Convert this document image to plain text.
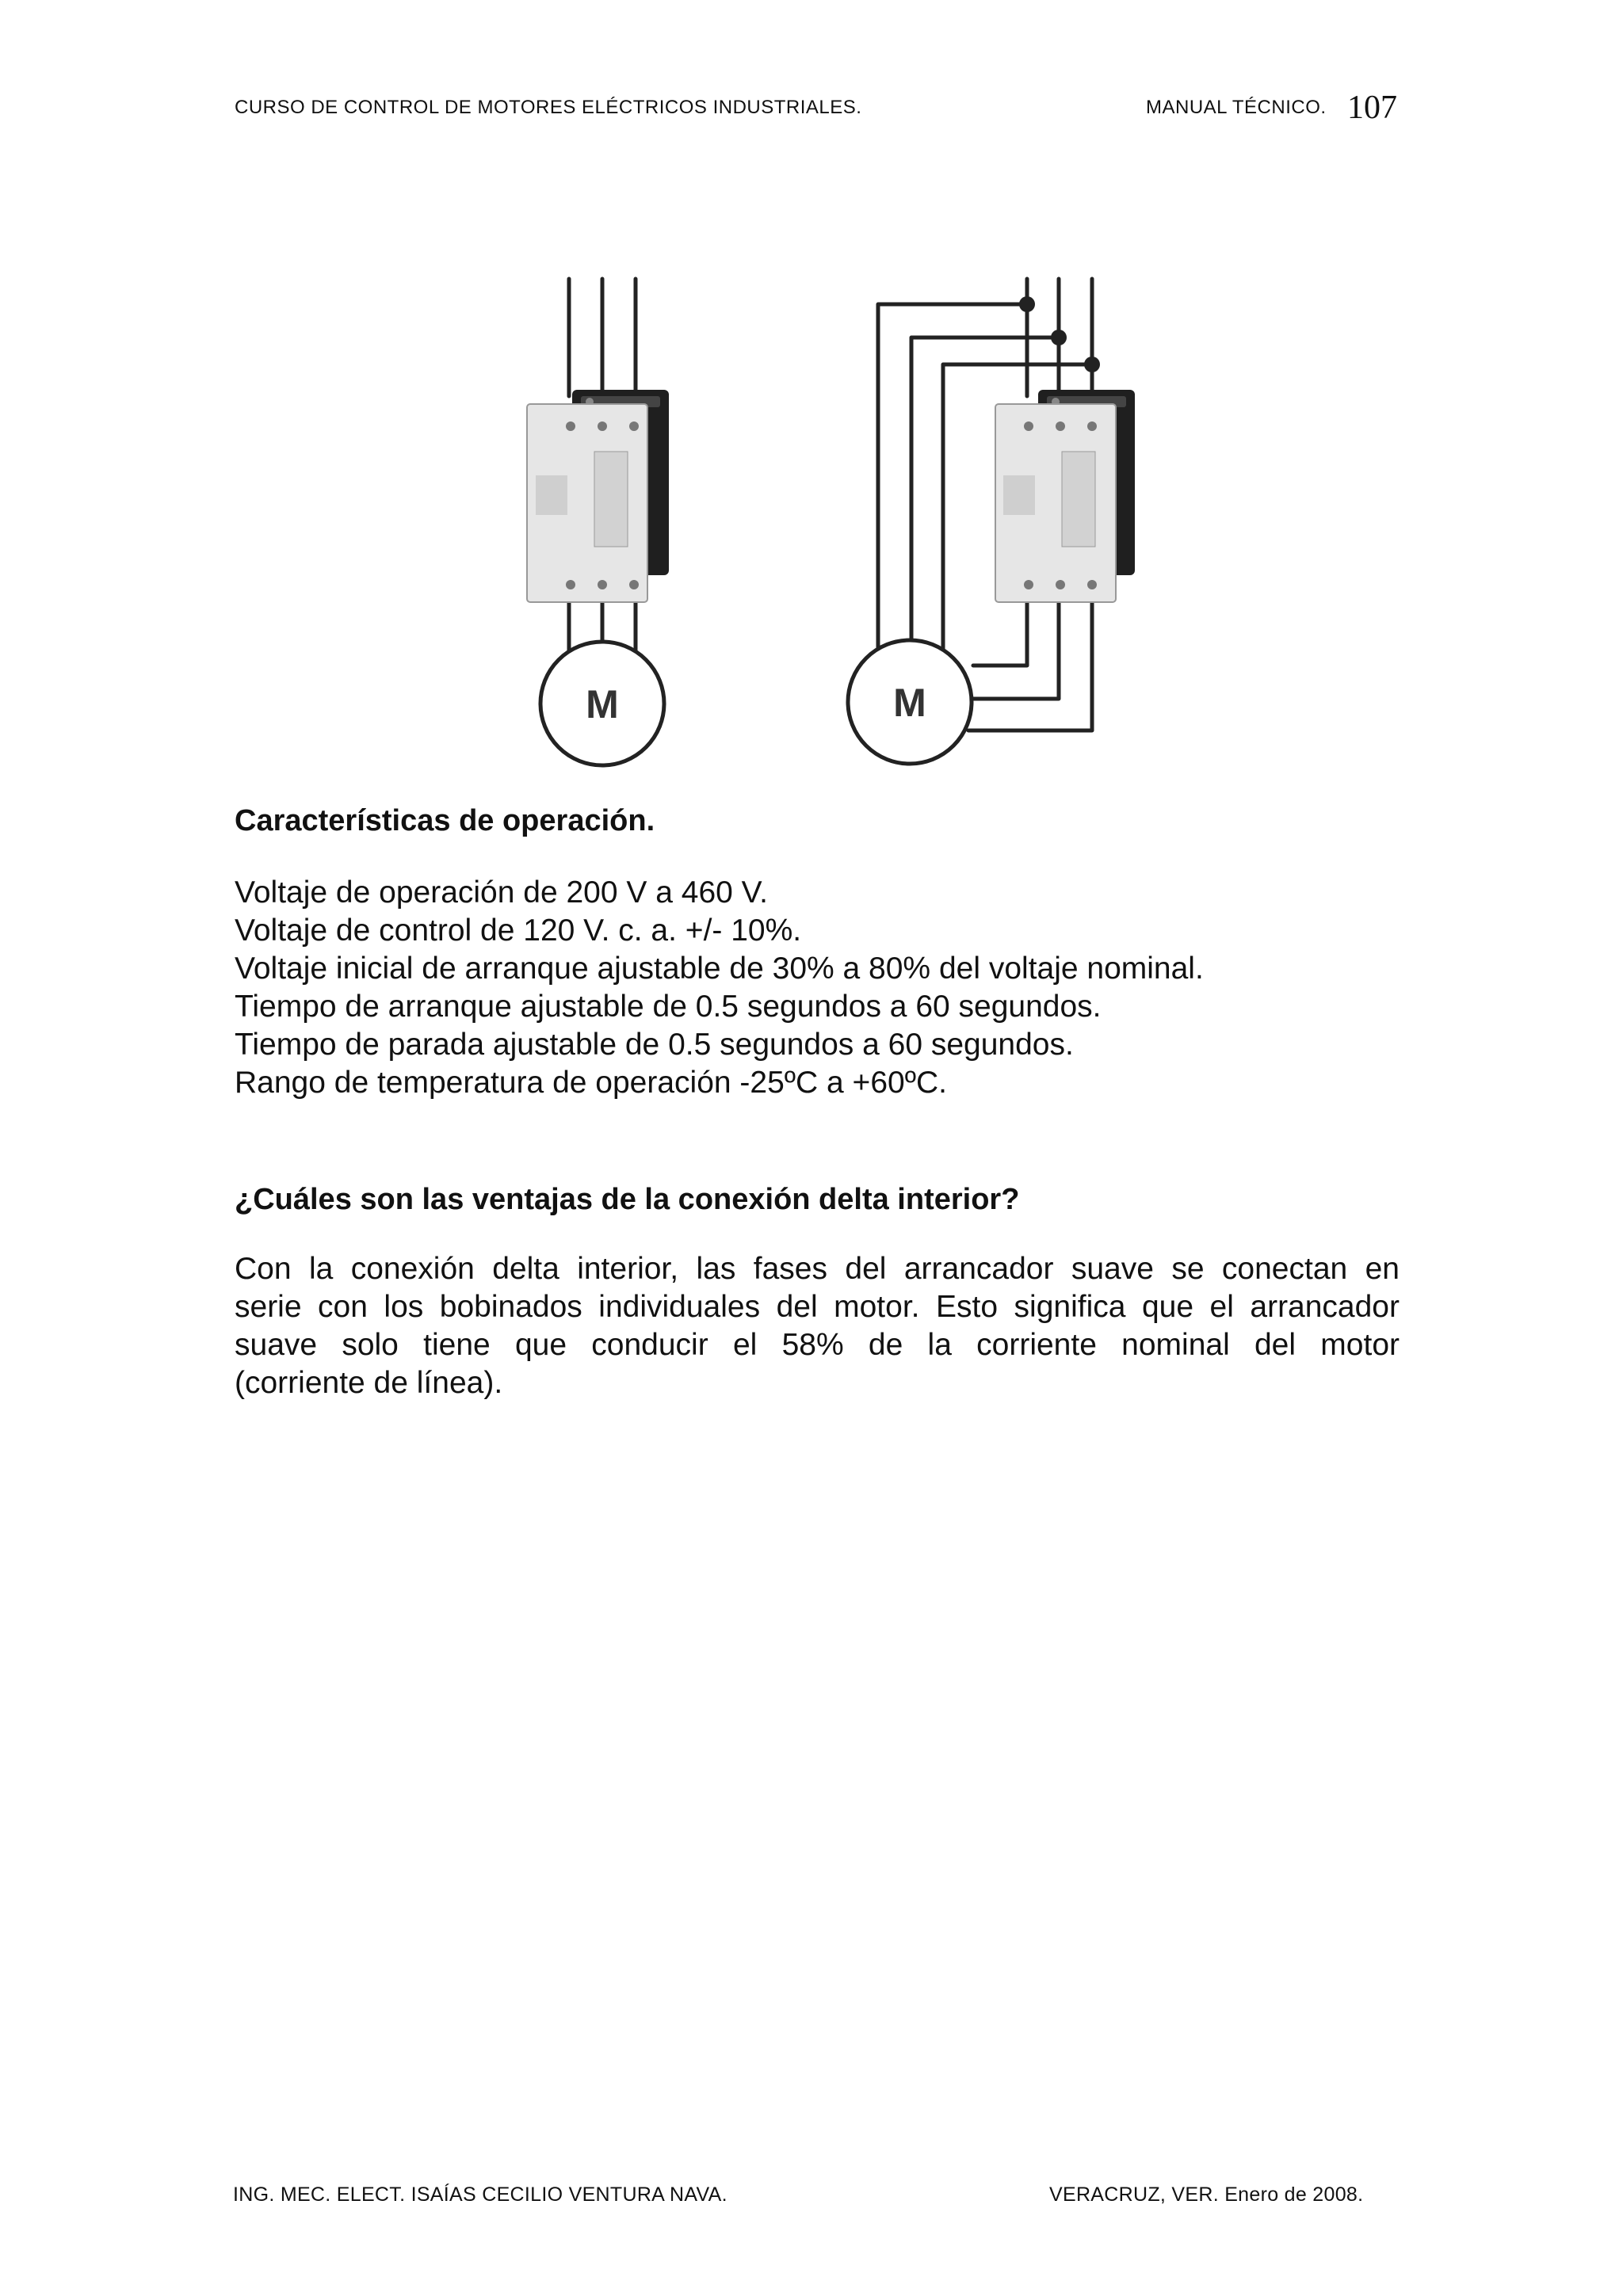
CURSO DE CONTROL DE MOTORES ELÉCTRICOS INDUSTRIALES.	MANUAL TÉCNICO. 107
M	M
Características de operación.
Voltaje de operación de 200 V a 460 V.
Voltaje de control de 120 V. c. a. +/- 10%.
Voltaje inicial de arranque ajustable de 30% a 80% del voltaje nominal.
Tiempo de arranque ajustable de 0.5 segundos a 60 segundos.
Tiempo de parada ajustable de 0.5 segundos a 60 segundos.
Rango de temperatura de operación -25ºC a +60ºC.
¿Cuáles son las ventajas de la conexión delta interior?
Con la conexión delta interior, las fases del arrancador suave se conectan en
serie con los bobinados individuales del motor. Esto significa que el arrancador
suave solo tiene que conducir el 58% de la corriente nominal del motor
(corriente de línea).
ING. MEC. ELECT. ISAÍAS CECILIO VENTURA NAVA.	VERACRUZ, VER. Enero de 2008.
